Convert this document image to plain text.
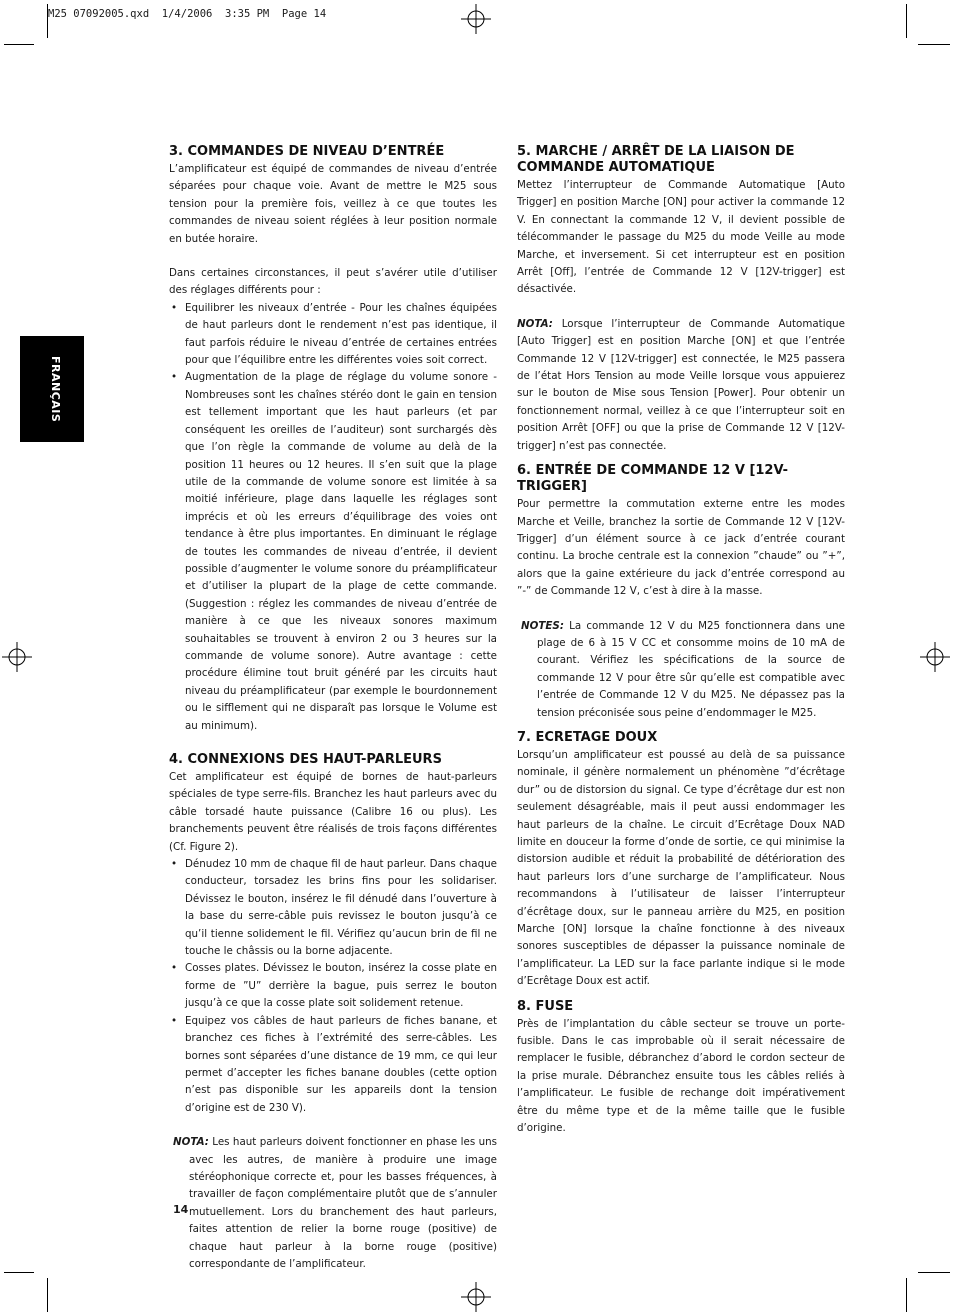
M25 07092005.qxd  1/4/2006  3:35 PM  Page 14
FRANÇAIS
3. COMMANDES DE NIVEAU D’ENTRÉE

L’amplificateur est équipé de commandes de niveau d’entrée séparées pour chaque voie. Avant de mettre le M25 sous tension pour la première fois, veillez à ce que toutes les commandes de niveau soient réglées à leur position normale en butée horaire.

Dans certaines circonstances, il peut s’avérer utile d’utiliser des réglages différents pour :

• Equilibrer les niveaux d’entrée - Pour les chaînes équipées de haut parleurs dont le rendement n’est pas identique, il faut parfois réduire le niveau d’entrée de certaines entrées pour que l’équilibre entre les différentes voies soit correct.
• Augmentation de la plage de réglage du volume sonore - Nombreuses sont les chaînes stéréo dont le gain en tension est tellement important que les haut parleurs (et par conséquent les oreilles de l’auditeur) sont surchargés dès que l’on règle la commande de volume au delà de la position 11 heures ou 12 heures. Il s’en suit que la plage utile de la commande de volume sonore est limitée à sa moitié inférieure, plage dans laquelle les réglages sont imprécis et où les erreurs d’équilibrage des voies ont tendance à être plus importantes. En diminuant le réglage de toutes les commandes de niveau d’entrée, il devient possible d’augmenter le volume sonore du préamplificateur et d’utiliser la plupart de la plage de cette commande. (Suggestion : réglez les commandes de niveau d’entrée de manière à ce que les niveaux sonores maximum souhaitables se trouvent à environ 2 ou 3 heures sur la commande de volume sonore). Autre avantage : cette procédure élimine tout bruit généré par les circuits haut niveau du préamplificateur (par exemple le bourdonnement ou le sifflement qui ne disparaît pas lorsque le Volume est au minimum).
4. CONNEXIONS DES HAUT-PARLEURS

Cet amplificateur est équipé de bornes de haut-parleurs spéciales de type serre-fils. Branchez les haut parleurs avec du câble torsadé haute puissance (Calibre 16 ou plus). Les branchements peuvent être réalisés de trois façons différentes (Cf. Figure 2).

• Dénudez 10 mm de chaque fil de haut parleur. Dans chaque conducteur, torsadez les brins fins pour les solidariser. Dévissez le bouton, insérez le fil dénudé dans l’ouverture à la base du serre-câble puis revissez le bouton jusqu’à ce qu’il tienne solidement le fil. Vérifiez qu’aucun brin de fil ne touche le châssis ou la borne adjacente.
• Cosses plates. Dévissez le bouton, insérez la cosse plate en forme de ”U” derrière la bague, puis serrez le bouton jusqu’à ce que la cosse plate soit solidement retenue.
• Equipez vos câbles de haut parleurs de fiches banane, et branchez ces fiches à l’extrémité des serre-câbles. Les bornes sont séparées d’une distance de 19 mm, ce qui leur permet d’accepter les fiches banane doubles (cette option n’est pas disponible sur les appareils dont la tension d’origine est de 230 V).

NOTA: Les haut parleurs doivent fonctionner en phase les uns avec les autres, de manière à produire une image stéréophonique correcte et, pour les basses fréquences, à travailler de façon complémentaire plutôt que de s’annuler mutuellement. Lors du branchement des haut parleurs, faites attention de relier la borne rouge (positive) de chaque haut parleur à la borne rouge (positive) correspondante de l’amplificateur.

5. MARCHE / ARRÊT DE LA LIAISON DE COMMANDE AUTOMATIQUE

Mettez l’interrupteur de Commande Automatique [Auto Trigger] en position Marche [ON] pour activer la commande 12 V. En connectant la commande 12 V, il devient possible de télécommander le passage du M25 du mode Veille au mode Marche, et inversement. Si cet interrupteur est en position Arrêt [Off], l’entrée de Commande 12 V [12V-trigger] est désactivée.

NOTA: Lorsque l’interrupteur de Commande Automatique [Auto Trigger] est en position Marche [ON] et que l’entrée Commande 12 V [12V-trigger] est connectée, le M25 passera de l’état Hors Tension au mode Veille lorsque vous appuierez sur le bouton de Mise sous Tension [Power]. Pour obtenir un fonctionnement normal, veillez à ce que l’interrupteur soit en position Arrêt [OFF] ou que la prise de Commande 12 V [12V-trigger] n’est pas connectée.

6. ENTRÉE DE COMMANDE 12 V [12V-TRIGGER]

Pour permettre la commutation externe entre les modes Marche et Veille, branchez la sortie de Commande 12 V [12V-Trigger] d’un élément source à ce jack d’entrée courant continu. La broche centrale est la connexion ”chaude” ou ”+”, alors que la gaine extérieure du jack d’entrée correspond au ”-” de Commande 12 V, c’est à dire à la masse.

NOTES: La commande 12 V du M25 fonctionnera dans une plage de 6 à 15 V CC et consomme moins de 10 mA de courant. Vérifiez les spécifications de la source de commande 12 V pour être sûr qu’elle est compatible avec l’entrée de Commande 12 V du M25. Ne dépassez pas la tension préconisée sous peine d’endommager le M25.

7. ECRETAGE DOUX

Lorsqu’un amplificateur est poussé au delà de sa puissance nominale, il génère normalement un phénomène ”d’écrêtage dur” ou de distorsion du signal. Ce type d’écrêtage dur est non seulement désagréable, mais il peut aussi endommager les haut parleurs de la chaîne. Le circuit d’Ecrêtage Doux NAD limite en douceur la forme d’onde de sortie, ce qui minimise la distorsion audible et réduit la probabilité de détérioration des haut parleurs lors d’une surcharge de l’amplificateur. Nous recommandons à l’utilisateur de laisser l’interrupteur d’écrêtage doux, sur le panneau arrière du M25, en position Marche [ON] lorsque la chaîne fonctionne à des niveaux sonores susceptibles de dépasser la puissance nominale de l’amplificateur. La LED sur la face parlante indique si le mode d’Ecrêtage Doux est actif.

8. FUSE

Près de l’implantation du câble secteur se trouve un porte-fusible. Dans le cas improbable où il serait nécessaire de remplacer le fusible, débranchez d’abord le cordon secteur de la prise murale. Débranchez ensuite tous les câbles reliés à l’amplificateur. Le fusible de rechange doit impérativement être du même type et de la même taille que le fusible d’origine.

14
